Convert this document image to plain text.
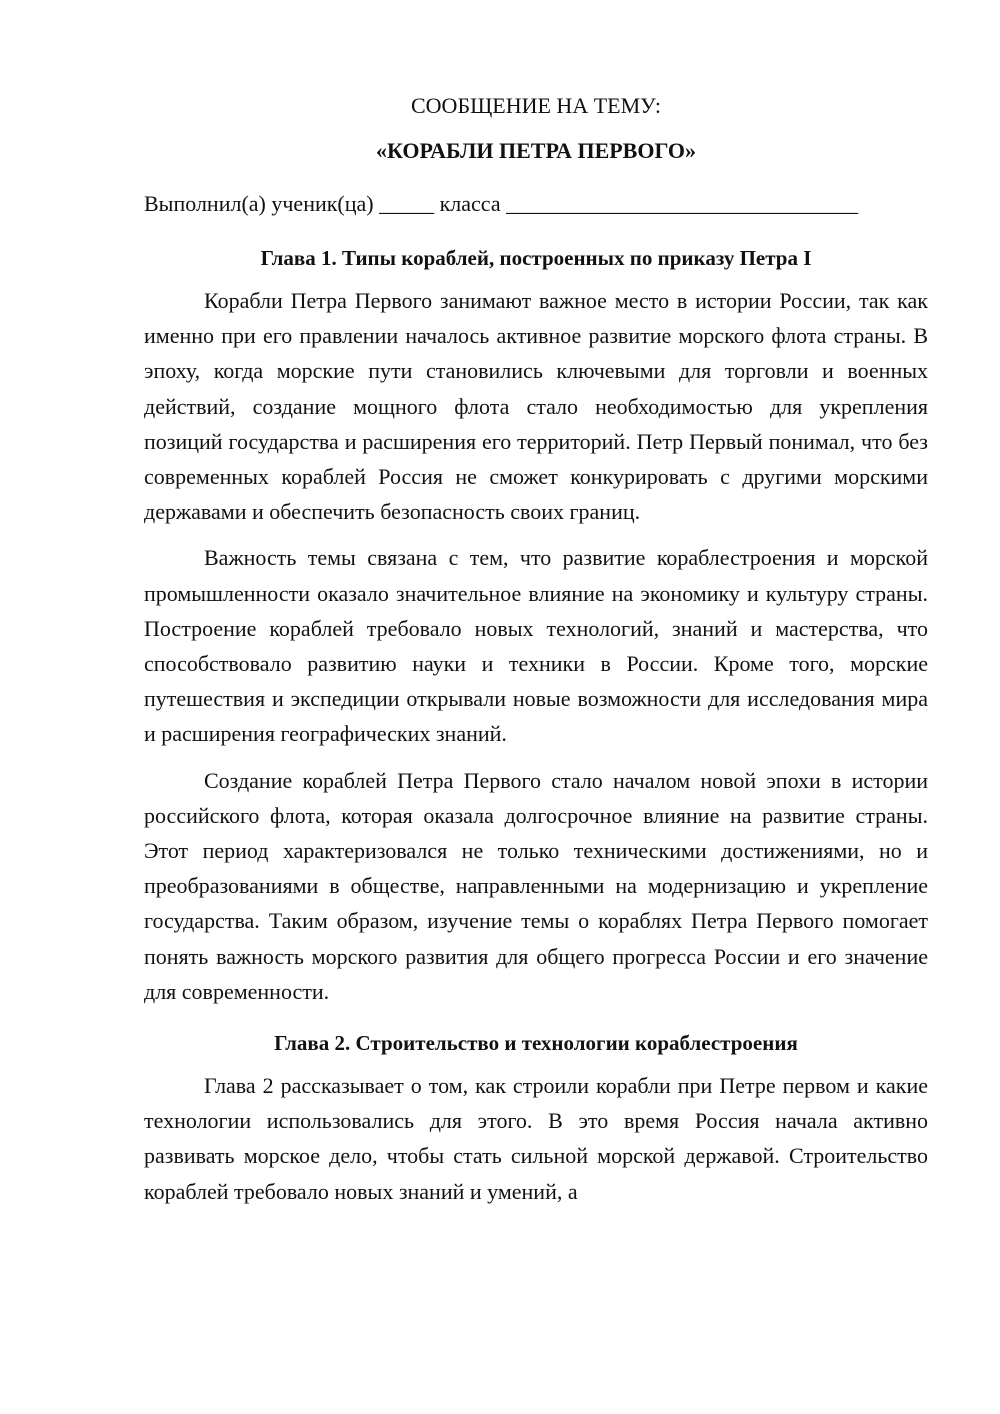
СООБЩЕНИЕ НА ТЕМУ:

«КОРАБЛИ ПЕТРА ПЕРВОГО»

Выполнил(а) ученик(ца) _____ класса ________________________________
Глава 1. Типы кораблей, построенных по приказу Петра I

Корабли Петра Первого занимают важное место в истории России, так как именно при его правлении началось активное развитие морского флота страны. В эпоху, когда морские пути становились ключевыми для торговли и военных действий, создание мощного флота стало необходимостью для укрепления позиций государства и расширения его территорий. Петр Первый понимал, что без современных кораблей Россия не сможет конкурировать с другими морскими державами и обеспечить безопасность своих границ.

Важность темы связана с тем, что развитие кораблестроения и морской промышленности оказало значительное влияние на экономику и культуру страны. Построение кораблей требовало новых технологий, знаний и мастерства, что способствовало развитию науки и техники в России. Кроме того, морские путешествия и экспедиции открывали новые возможности для исследования мира и расширения географических знаний.

Создание кораблей Петра Первого стало началом новой эпохи в истории российского флота, которая оказала долгосрочное влияние на развитие страны. Этот период характеризовался не только техническими достижениями, но и преобразованиями в обществе, направленными на модернизацию и укрепление государства. Таким образом, изучение темы о кораблях Петра Первого помогает понять важность морского развития для общего прогресса России и его значение для современности.

Глава 2. Строительство и технологии кораблестроения

Глава 2 рассказывает о том, как строили корабли при Петре первом и какие технологии использовались для этого. В это время Россия начала активно развивать морское дело, чтобы стать сильной морской державой. Строительство кораблей требовало новых знаний и умений, а
